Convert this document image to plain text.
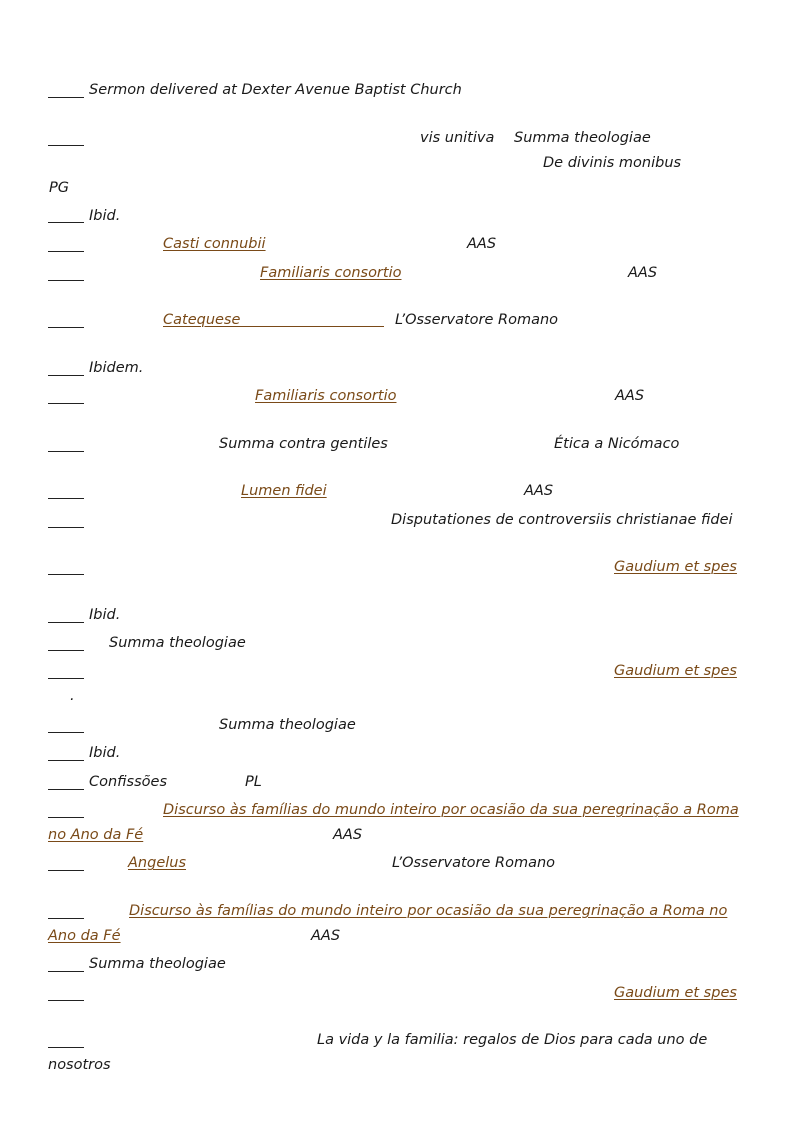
Sermon delivered at Dexter Avenue Baptist Church
vis unitiva Summa theologiae
De divinis monibus
PG
Ibid.
Casti connubii	AAS
Familiaris consortio	AAS
Catequese	L’Osservatore Romano
Ibidem.
Familiaris consortio	AAS
Summa contra gentiles	Ética a Nicómaco
Lumen fidei	AAS
Disputationes de controversiis christianae fidei
Gaudium et spes
Ibid.
Summa theologiae
Gaudium et spes
.
Summa theologiae
Ibid.
Confissões	PL
Discurso às famílias do mundo inteiro por ocasião da sua peregrinação a Roma
no Ano da Fé	AAS
Angelus	L’Osservatore Romano
Discurso às famílias do mundo inteiro por ocasião da sua peregrinação a Roma no
Ano da Fé	AAS
Summa theologiae
Gaudium et spes
La vida y la familia: regalos de Dios para cada uno de
nosotros
